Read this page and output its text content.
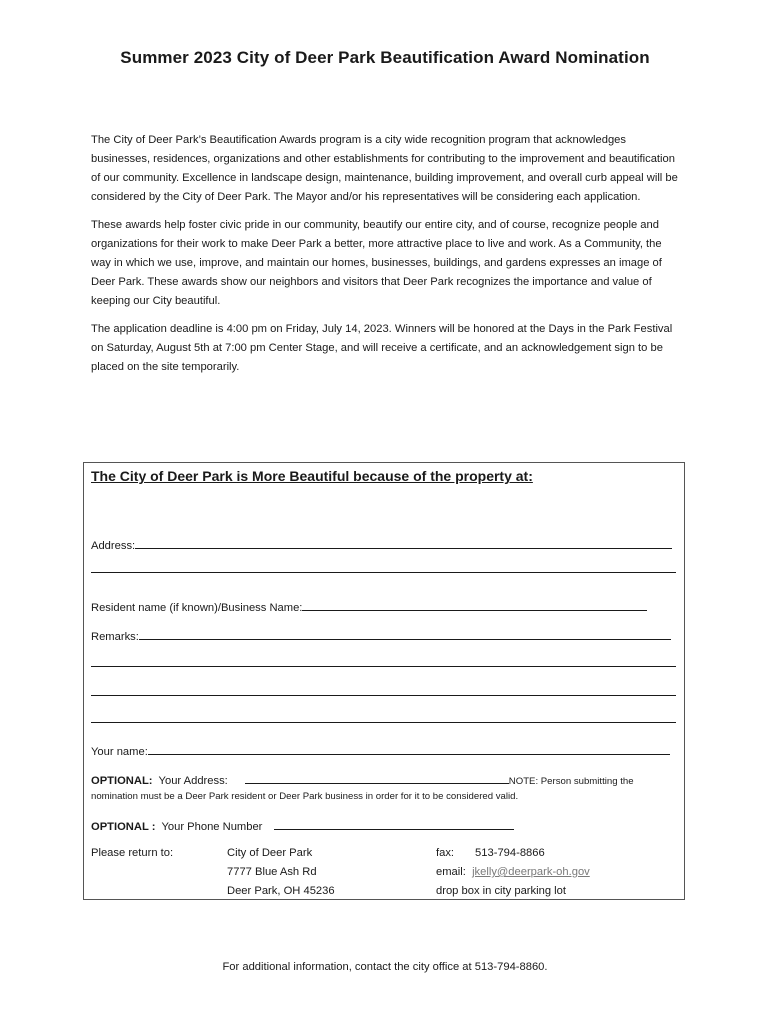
Summer 2023 City of Deer Park Beautification Award Nomination

The City of Deer Park’s Beautification Awards program is a city wide recognition program that acknowledges businesses, residences, organizations and other establishments for contributing to the improvement and beautification of our community. Excellence in landscape design, maintenance, building improvement, and overall curb appeal will be considered by the City of Deer Park. The Mayor and/or his representatives will be considering each application.

These awards help foster civic pride in our community, beautify our entire city, and of course, recognize people and organizations for their work to make Deer Park a better, more attractive place to live and work. As a Community, the way in which we use, improve, and maintain our homes, businesses, buildings, and gardens expresses an image of Deer Park. These awards show our neighbors and visitors that Deer Park recognizes the importance and value of keeping our City beautiful.

The application deadline is 4:00 pm on Friday, July 14, 2023. Winners will be honored at the Days in the Park Festival on Saturday, August 5th at 7:00 pm Center Stage, and will receive a certificate, and an acknowledgement sign to be placed on the site temporarily.

The City of Deer Park is More Beautiful because of the property at:
Address:
Resident name (if known)/Business Name:
Remarks:
Your name:
OPTIONAL: Your Address:	NOTE: Person submitting the
nomination must be a Deer Park resident or Deer Park business in order for it to be considered valid.
OPTIONAL : Your Phone Number
Please return to:	City of Deer Park
7777 Blue Ash Rd
Deer Park, OH 45236
fax: 513-794-8866
email: jkelly@deerpark-oh.gov
drop box in city parking lot
For additional information, contact the city office at 513-794-8860.
